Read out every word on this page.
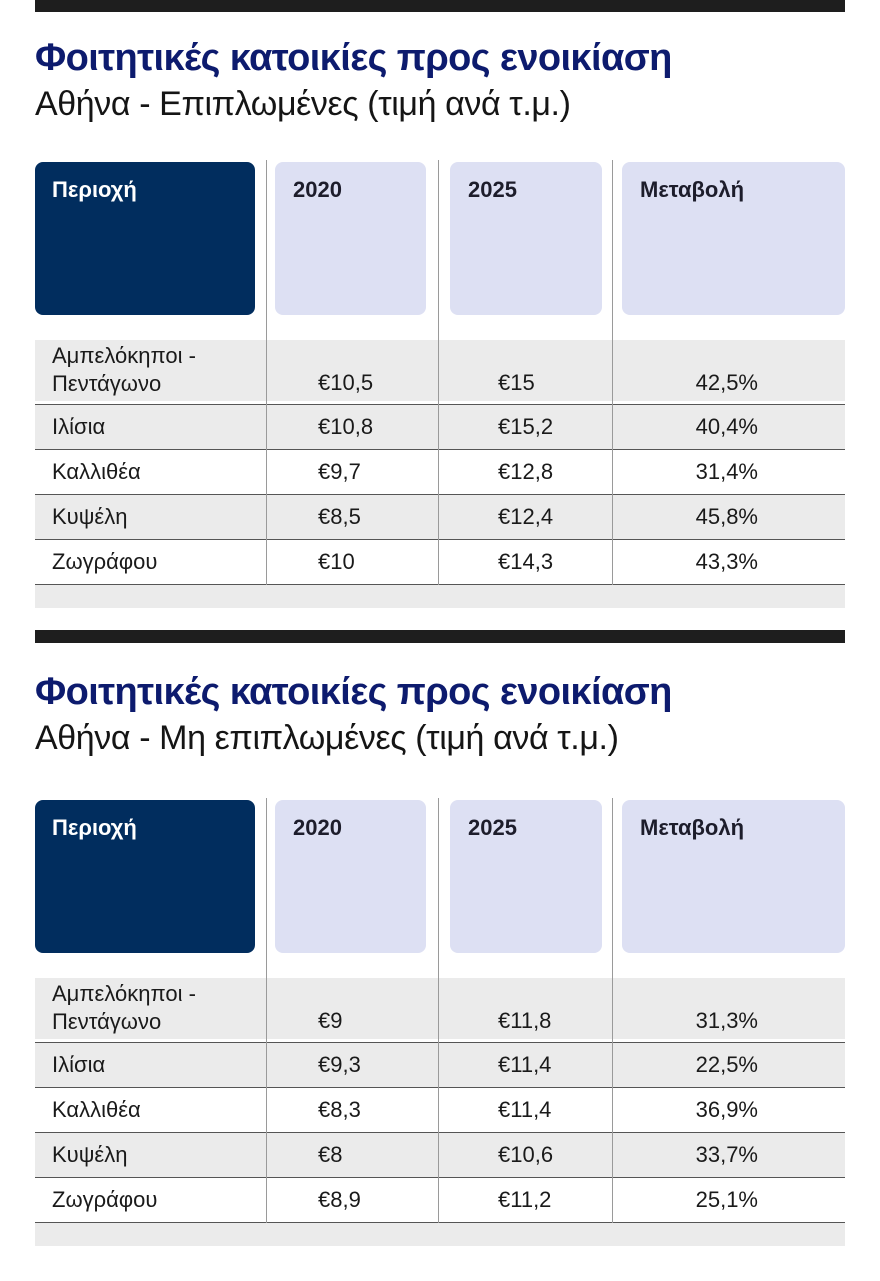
Φοιτητικές κατοικίες προς ενοικίαση
Αθήνα - Επιπλωμένες (τιμή ανά τ.μ.)
Περιοχή	2020	2025	Μεταβολή
Αμπελόκηποι - Πεντάγωνο	€10,5	€15	42,5%
Ιλίσια	€10,8	€15,2	40,4%
Καλλιθέα	€9,7	€12,8	31,4%
Κυψέλη	€8,5	€12,4	45,8%
Ζωγράφου	€10	€14,3	43,3%
Φοιτητικές κατοικίες προς ενοικίαση
Αθήνα - Μη επιπλωμένες (τιμή ανά τ.μ.)
Περιοχή	2020	2025	Μεταβολή
Αμπελόκηποι - Πεντάγωνο	€9	€11,8	31,3%
Ιλίσια	€9,3	€11,4	22,5%
Καλλιθέα	€8,3	€11,4	36,9%
Κυψέλη	€8	€10,6	33,7%
Ζωγράφου	€8,9	€11,2	25,1%
